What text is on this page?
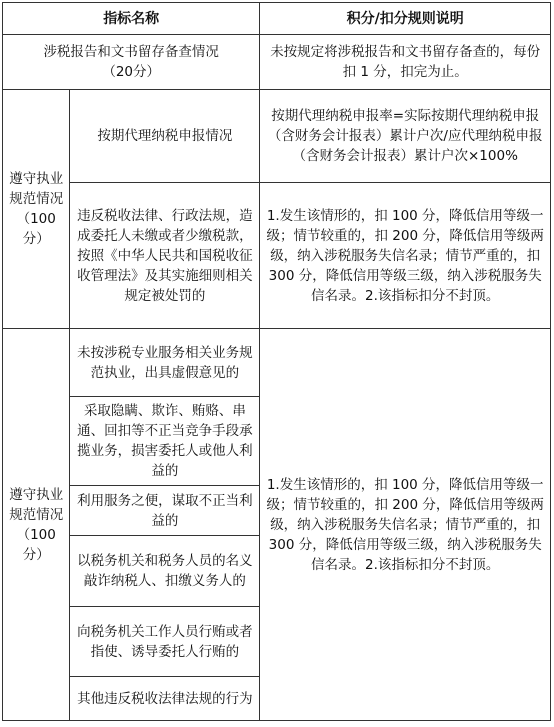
指标名称		积分/扣分规则说明
涉税报告和文书留存备查情况（20分）		未按规定将涉税报告和文书留存备查的，每份扣 1 分，扣完为止。
遵守执业规范情况（100分）	按期代理纳税申报情况	按期代理纳税申报率=实际按期代理纳税申报（含财务会计报表）累计户次/应代理纳税申报（含财务会计报表）累计户次×100%
	违反税收法律、行政法规，造成委托人未缴或者少缴税款，按照《中华人民共和国税收征收管理法》及其实施细则相关规定被处罚的	1.发生该情形的，扣 100 分，降低信用等级一级；情节较重的，扣 200 分，降低信用等级两级，纳入涉税服务失信名录；情节严重的，扣 300 分，降低信用等级三级，纳入涉税服务失信名录。2.该指标扣分不封顶。
遵守执业规范情况（100分）	未按涉税专业服务相关业务规范执业，出具虚假意见的	1.发生该情形的，扣 100 分，降低信用等级一级；情节较重的，扣 200 分，降低信用等级两级，纳入涉税服务失信名录；情节严重的，扣 300 分，降低信用等级三级，纳入涉税服务失信名录。2.该指标扣分不封顶。
	采取隐瞒、欺诈、贿赂、串通、回扣等不正当竞争手段承揽业务，损害委托人或他人利益的	
	利用服务之便，谋取不正当利益的	
	以税务机关和税务人员的名义敲诈纳税人、扣缴义务人的	
	向税务机关工作人员行贿或者指使、诱导委托人行贿的	
	其他违反税收法律法规的行为	
